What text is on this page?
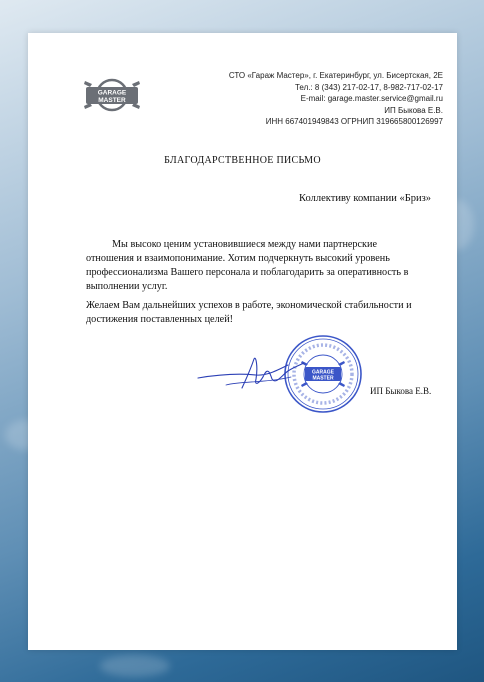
GARAGE
MASTER
СТО «Гараж Мастер», г. Екатеринбург, ул. Бисертская, 2Е
Тел.: 8 (343) 217-02-17, 8-982-717-02-17
E-mail: garage.master.service@gmail.ru
ИП Быкова Е.В.
ИНН 667401949843 ОГРНИП 319665800126997
БЛАГОДАРСТВЕННОЕ ПИСЬМО
Коллективу компании «Бриз»
Мы высоко ценим установившиеся между нами партнерские отношения и взаимопонимание. Хотим подчеркнуть высокий уровень профессионализма Вашего персонала и поблагодарить за оперативность в выполнении услуг.
Желаем Вам дальнейших успехов в работе, экономической стабильности и достижения поставленных целей!
GARAGE
MASTER
ИП Быкова Е.В.
